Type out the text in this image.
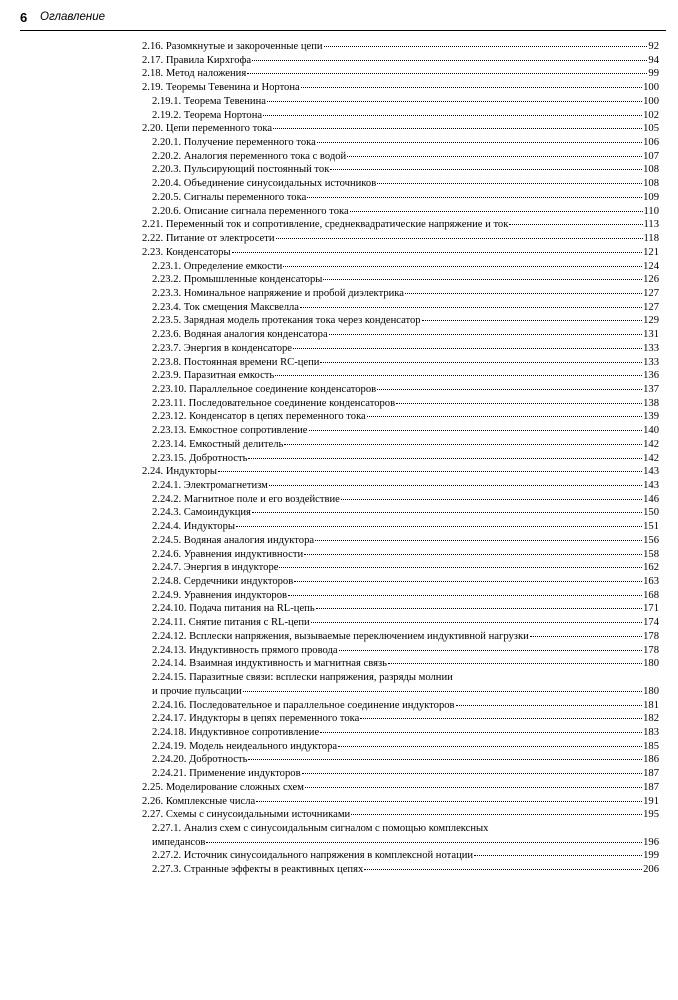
6 Оглавление
2.16. Разомкнутые и закороченные цепи	92
2.17. Правила Кирхгофа	94
2.18. Метод наложения	99
2.19. Теоремы Тевенина и Нортона	100
2.19.1. Теорема Тевенина	100
2.19.2. Теорема Нортона	102
2.20. Цепи переменного тока	105
2.20.1. Получение переменного тока	106
2.20.2. Аналогия переменного тока с водой	107
2.20.3. Пульсирующий постоянный ток	108
2.20.4. Объединение синусоидальных источников	108
2.20.5. Сигналы переменного тока	109
2.20.6. Описание сигнала переменного тока	110
2.21. Переменный ток и сопротивление, среднеквадратические напряжение и ток	113
2.22. Питание от электросети	118
2.23. Конденсаторы	121
2.23.1. Определение емкости	124
2.23.2. Промышленные конденсаторы	126
2.23.3. Номинальное напряжение и пробой диэлектрика	127
2.23.4. Ток смещения Максвелла	127
2.23.5. Зарядная модель протекания тока через конденсатор	129
2.23.6. Водяная аналогия конденсатора	131
2.23.7. Энергия в конденсаторе	133
2.23.8. Постоянная времени RC-цепи	133
2.23.9. Паразитная емкость	136
2.23.10. Параллельное соединение конденсаторов	137
2.23.11. Последовательное соединение конденсаторов	138
2.23.12. Конденсатор в цепях переменного тока	139
2.23.13. Емкостное сопротивление	140
2.23.14. Емкостный делитель	142
2.23.15. Добротность	142
2.24. Индукторы	143
2.24.1. Электромагнетизм	143
2.24.2. Магнитное поле и его воздействие	146
2.24.3. Самоиндукция	150
2.24.4. Индукторы	151
2.24.5. Водяная аналогия индуктора	156
2.24.6. Уравнения индуктивности	158
2.24.7. Энергия в индукторе	162
2.24.8. Сердечники индукторов	163
2.24.9. Уравнения индукторов	168
2.24.10. Подача питания на RL-цепь	171
2.24.11. Снятие питания с RL-цепи	174
2.24.12. Всплески напряжения, вызываемые переключением индуктивной нагрузки	178
2.24.13. Индуктивность прямого провода	178
2.24.14. Взаимная индуктивность и магнитная связь	180
2.24.15. Паразитные связи: всплески напряжения, разряды молнии
и прочие пульсации	180
2.24.16. Последовательное и параллельное соединение индукторов	181
2.24.17. Индукторы в цепях переменного тока	182
2.24.18. Индуктивное сопротивление	183
2.24.19. Модель неидеального индуктора	185
2.24.20. Добротность	186
2.24.21. Применение индукторов	187
2.25. Моделирование сложных схем	187
2.26. Комплексные числа	191
2.27. Схемы с синусоидальными источниками	195
2.27.1. Анализ схем с синусоидальным сигналом с помощью комплексных
импедансов	196
2.27.2. Источник синусоидального напряжения в комплексной нотации	199
2.27.3. Странные эффекты в реактивных цепях	206
